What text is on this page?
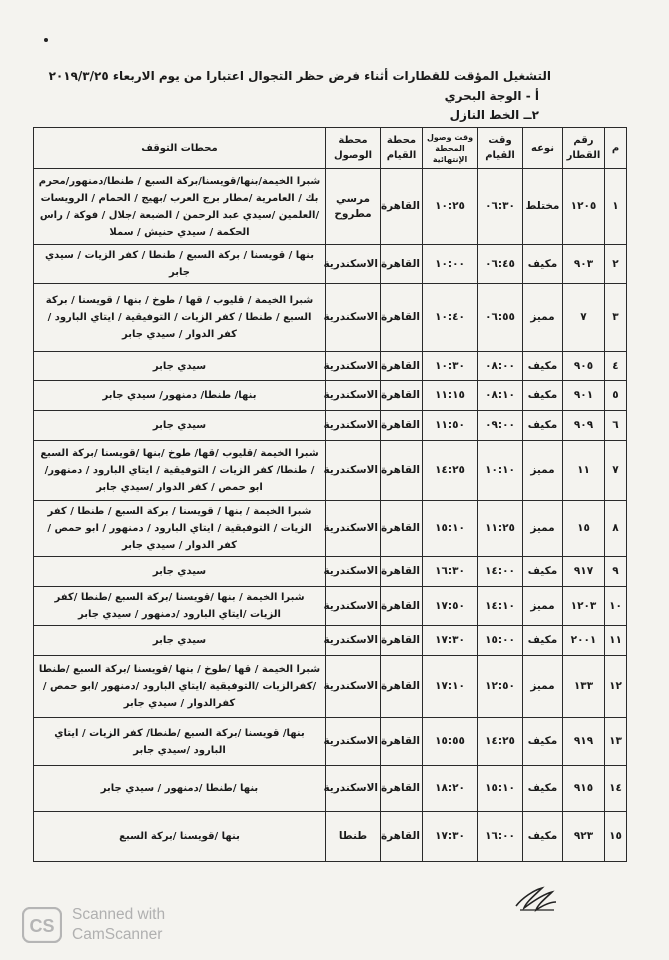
التشغيل المؤقت للقطارات أثناء فرض حظر التجوال اعتبارا من يوم الاربعاء ٢٠١٩/٣/٢٥
أ - الوجة البحري
٢ــ الخط النازل
م	رقم القطار	نوعه	وقت القيام	وقت وصول المحطة الإنتهائية	محطة القيام	محطة الوصول	محطات التوقف
١	١٢٠٥	مختلط	٠٦:٣٠	١٠:٢٥	القاهرة	مرسي مطروح	شبرا الخيمة/بنها/قويسنا/بركة السبع / طنطا/دمنهور/محرم بك / العامرية /مطار برج العرب /بهيج / الحمام / الرويسات /العلمين /سيدي عبد الرحمن / الضبعة /جلال / فوكة / راس الحكمة / سيدي حنيش / سملا
٢	٩٠٣	مكيف	٠٦:٤٥	١٠:٠٠	القاهرة	الاسكندرية	بنها / قويسنا / بركة السبع / طنطا / كفر الزيات / سيدي جابر
٣	٧	مميز	٠٦:٥٥	١٠:٤٠	القاهرة	الاسكندرية	شبرا الخيمة / قليوب / قها / طوخ / بنها / قويسنا / بركة السبع / طنطا / كفر الزيات / التوفيقية / ايتاي البارود / كفر الدوار / سيدي جابر
٤	٩٠٥	مكيف	٠٨:٠٠	١٠:٣٠	القاهرة	الاسكندرية	سيدي جابر
٥	٩٠١	مكيف	٠٨:١٠	١١:١٥	القاهرة	الاسكندرية	بنها/ طنطا/ دمنهور/ سيدي جابر
٦	٩٠٩	مكيف	٠٩:٠٠	١١:٥٠	القاهرة	الاسكندرية	سيدي جابر
٧	١١	مميز	١٠:١٠	١٤:٢٥	القاهرة	الاسكندرية	شبرا الخيمة /قليوب /قها/ طوخ /بنها /قويسنا /بركة السبع / طنطا/ كفر الزيات / التوفيقية / ايتاي البارود / دمنهور/ابو حمص / كفر الدوار /سيدي جابر
٨	١٥	مميز	١١:٢٥	١٥:١٠	القاهرة	الاسكندرية	شبرا الخيمة / بنها / قويسنا / بركة السبع / طنطا / كفر الزيات / التوفيقية / ايتاي البارود / دمنهور / ابو حمص / كفر الدوار / سيدي جابر
٩	٩١٧	مكيف	١٤:٠٠	١٦:٣٠	القاهرة	الاسكندرية	سيدي جابر
١٠	١٢٠٣	مميز	١٤:١٠	١٧:٥٠	القاهرة	الاسكندرية	شبرا الخيمة / بنها /قويسنا /بركة السبع /طنطا /كفر الزيات /ايتاي البارود /دمنهور / سيدي جابر
١١	٢٠٠١	مكيف	١٥:٠٠	١٧:٣٠	القاهرة	الاسكندرية	سيدي جابر
١٢	١٣٣	مميز	١٢:٥٠	١٧:١٠	القاهرة	الاسكندرية	شبرا الخيمة / قها /طوخ / بنها /قويسنا /بركة السبع /طنطا /كفرالزيات /التوفيقية /ايتاي البارود /دمنهور /ابو حمص / كفرالدوار / سيدي جابر
١٣	٩١٩	مكيف	١٤:٢٥	١٥:٥٥	القاهرة	الاسكندرية	بنها/ قويسنا /بركة السبع /طنطا/ كفر الزيات / ايتاي البارود /سيدي جابر
١٤	٩١٥	مكيف	١٥:١٠	١٨:٢٠	القاهرة	الاسكندرية	بنها /طنطا /دمنهور / سيدي جابر
١٥	٩٢٣	مكيف	١٦:٠٠	١٧:٣٠	القاهرة	طنطا	بنها /قويسنا /بركة السبع
CS
Scanned with
CamScanner
